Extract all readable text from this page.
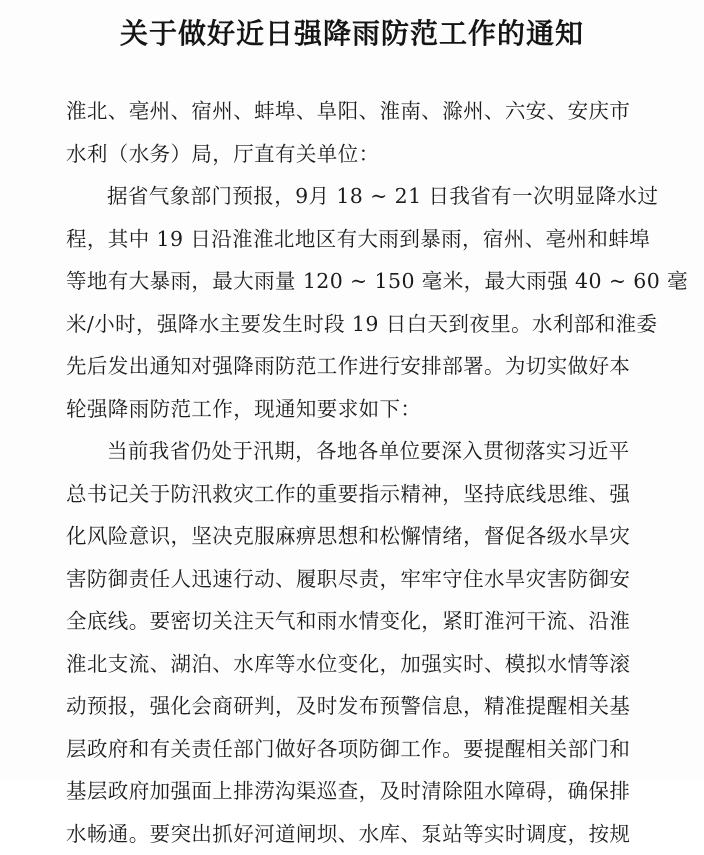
关于做好近日强降雨防范工作的通知
淮北、亳州、宿州、蚌埠、阜阳、淮南、滁州、六安、安庆市
水利（水务）局，厅直有关单位：
据省气象部门预报，9月 18 ~ 21 日我省有一次明显降水过
程，其中 19 日沿淮淮北地区有大雨到暴雨，宿州、亳州和蚌埠
等地有大暴雨，最大雨量 120 ~ 150 毫米，最大雨强 40 ~ 60 毫
米/小时，强降水主要发生时段 19 日白天到夜里。水利部和淮委
先后发出通知对强降雨防范工作进行安排部署。为切实做好本
轮强降雨防范工作，现通知要求如下：
当前我省仍处于汛期，各地各单位要深入贯彻落实习近平
总书记关于防汛救灾工作的重要指示精神，坚持底线思维、强
化风险意识，坚决克服麻痹思想和松懈情绪，督促各级水旱灾
害防御责任人迅速行动、履职尽责，牢牢守住水旱灾害防御安
全底线。要密切关注天气和雨水情变化，紧盯淮河干流、沿淮
淮北支流、湖泊、水库等水位变化，加强实时、模拟水情等滚
动预报，强化会商研判，及时发布预警信息，精准提醒相关基
层政府和有关责任部门做好各项防御工作。要提醒相关部门和
基层政府加强面上排涝沟渠巡查，及时清除阻水障碍，确保排
水畅通。要突出抓好河道闸坝、水库、泵站等实时调度，按规
